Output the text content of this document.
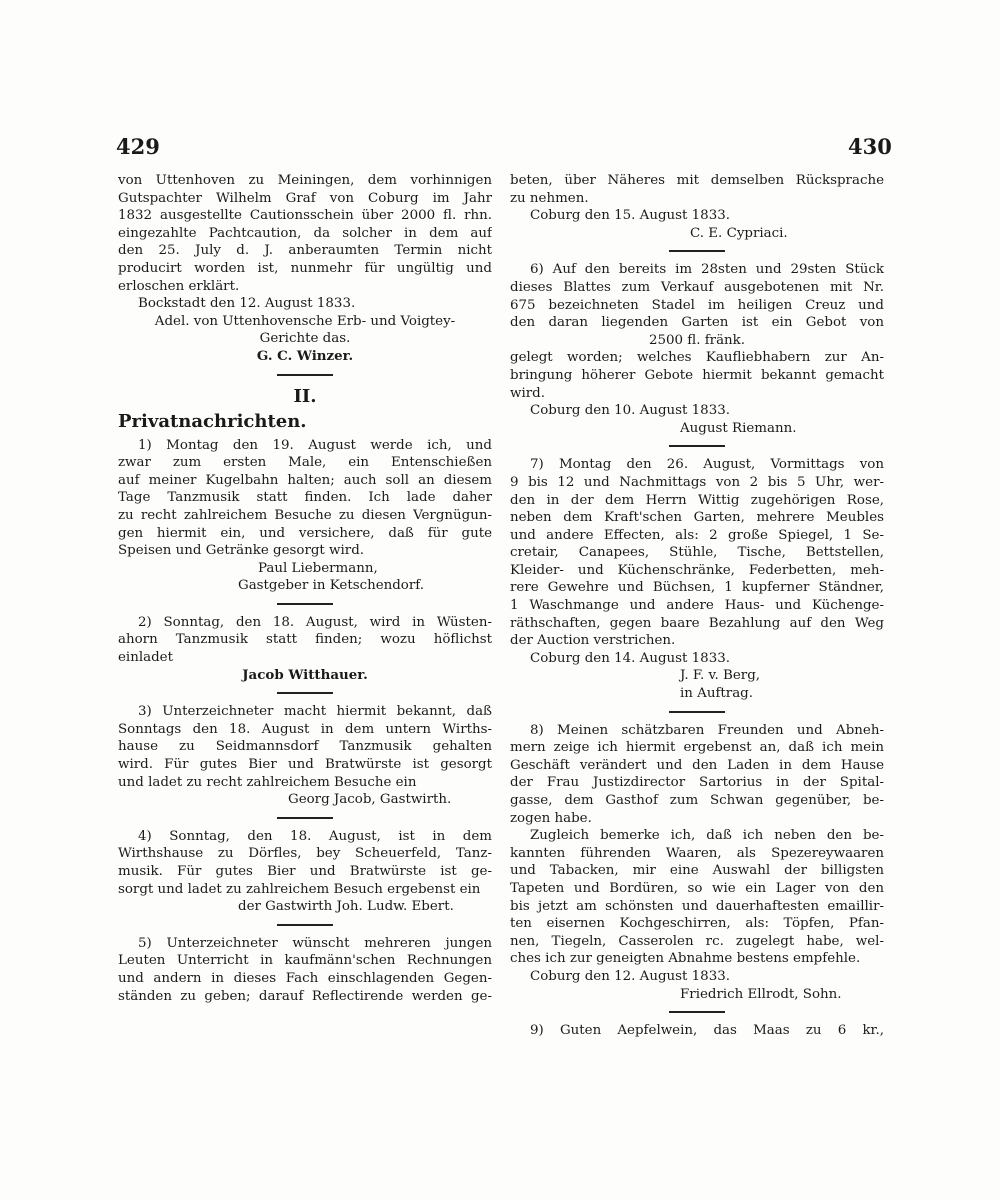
429	430
von Uttenhoven zu Meiningen, dem vorhinnigen
Gutspachter Wilhelm Graf von Coburg im Jahr
1832 ausgestellte Cautionsschein über 2000 fl. rhn.
eingezahlte Pachtcaution, da solcher in dem auf
den 25. July d. J. anberaumten Termin nicht
producirt worden ist, nunmehr für ungültig und
erloschen erklärt.
Bockstadt den 12. August 1833.
Adel. von Uttenhovensche Erb- und Voigtey-
Gerichte das.
G. C. Winzer.
II.
Privatnachrichten.
1) Montag den 19. August werde ich, und
zwar zum ersten Male, ein Entenschießen
auf meiner Kugelbahn halten; auch soll an diesem
Tage Tanzmusik statt finden. Ich lade daher
zu recht zahlreichem Besuche zu diesen Vergnügun-
gen hiermit ein, und versichere, daß für gute
Speisen und Getränke gesorgt wird.
Paul Liebermann,
Gastgeber in Ketschendorf.
2) Sonntag, den 18. August, wird in Wüsten-
ahorn Tanzmusik statt finden; wozu höflichst
einladet
Jacob Witthauer.
3) Unterzeichneter macht hiermit bekannt, daß
Sonntags den 18. August in dem untern Wirths-
hause zu Seidmannsdorf Tanzmusik gehalten
wird. Für gutes Bier und Bratwürste ist gesorgt
und ladet zu recht zahlreichem Besuche ein
Georg Jacob, Gastwirth.
4) Sonntag, den 18. August, ist in dem
Wirthshause zu Dörfles, bey Scheuerfeld, Tanz-
musik. Für gutes Bier und Bratwürste ist ge-
sorgt und ladet zu zahlreichem Besuch ergebenst ein
der Gastwirth Joh. Ludw. Ebert.
5) Unterzeichneter wünscht mehreren jungen
Leuten Unterricht in kaufmänn'schen Rechnungen
und andern in dieses Fach einschlagenden Gegen-
ständen zu geben; darauf Reflectirende werden ge-
beten, über Näheres mit demselben Rücksprache
zu nehmen.
Coburg den 15. August 1833.
C. E. Cypriaci.
6) Auf den bereits im 28sten und 29sten Stück
dieses Blattes zum Verkauf ausgebotenen mit Nr.
675 bezeichneten Stadel im heiligen Creuz und
den daran liegenden Garten ist ein Gebot von
2500 fl. fränk.
gelegt worden; welches Kaufliebhabern zur An-
bringung höherer Gebote hiermit bekannt gemacht
wird.
Coburg den 10. August 1833.
August Riemann.
7) Montag den 26. August, Vormittags von
9 bis 12 und Nachmittags von 2 bis 5 Uhr, wer-
den in der dem Herrn Wittig zugehörigen Rose,
neben dem Kraft'schen Garten, mehrere Meubles
und andere Effecten, als: 2 große Spiegel, 1 Se-
cretair, Canapees, Stühle, Tische, Bettstellen,
Kleider- und Küchenschränke, Federbetten, meh-
rere Gewehre und Büchsen, 1 kupferner Ständner,
1 Waschmange und andere Haus- und Küchenge-
räthschaften, gegen baare Bezahlung auf den Weg
der Auction verstrichen.
Coburg den 14. August 1833.
J. F. v. Berg,
in Auftrag.
8) Meinen schätzbaren Freunden und Abneh-
mern zeige ich hiermit ergebenst an, daß ich mein
Geschäft verändert und den Laden in dem Hause
der Frau Justizdirector Sartorius in der Spital-
gasse, dem Gasthof zum Schwan gegenüber, be-
zogen habe.
Zugleich bemerke ich, daß ich neben den be-
kannten führenden Waaren, als Spezereywaaren
und Tabacken, mir eine Auswahl der billigsten
Tapeten und Bordüren, so wie ein Lager von den
bis jetzt am schönsten und dauerhaftesten emaillir-
ten eisernen Kochgeschirren, als: Töpfen, Pfan-
nen, Tiegeln, Casserolen rc. zugelegt habe, wel-
ches ich zur geneigten Abnahme bestens empfehle.
Coburg den 12. August 1833.
Friedrich Ellrodt, Sohn.
9) Guten Aepfelwein, das Maas zu 6 kr.,
